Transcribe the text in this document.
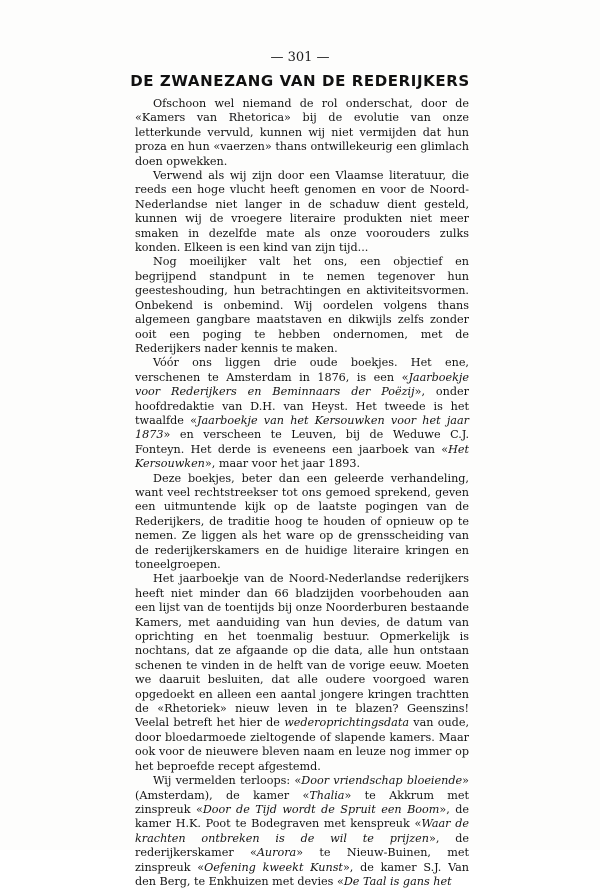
— 301 —
DE ZWANEZANG VAN DE REDERIJKERS

Ofschoon wel niemand de rol onderschat, door de «Kamers van Rhetorica» bij de evolutie van onze letterkunde vervuld, kunnen wij niet vermijden dat hun proza en hun «vaerzen» thans ontwillekeurig een glimlach doen opwekken.

Verwend als wij zijn door een Vlaamse literatuur, die reeds een hoge vlucht heeft genomen en voor de Noord-Nederlandse niet langer in de schaduw dient gesteld, kunnen wij de vroegere literaire produkten niet meer smaken in dezelfde mate als onze voorouders zulks konden. Elkeen is een kind van zijn tijd...

Nog moeilijker valt het ons, een objectief en begrijpend standpunt in te nemen tegenover hun geesteshouding, hun betrachtingen en aktiviteitsvormen. Onbekend is onbemind. Wij oordelen volgens thans algemeen gangbare maatstaven en dikwijls zelfs zonder ooit een poging te hebben ondernomen, met de Rederijkers nader kennis te maken.

Vóór ons liggen drie oude boekjes. Het ene, verschenen te Amsterdam in 1876, is een «Jaarboekje voor Rederijkers en Beminnaars der Poëzij», onder hoofdredaktie van D.H. van Heyst. Het tweede is het twaalfde «Jaarboekje van het Kersouwken voor het jaar 1873» en verscheen te Leuven, bij de Weduwe C.J. Fonteyn. Het derde is eveneens een jaarboek van «Het Kersouwken», maar voor het jaar 1893.

Deze boekjes, beter dan een geleerde verhandeling, want veel rechtstreekser tot ons gemoed sprekend, geven een uitmuntende kijk op de laatste pogingen van de Rederijkers, de traditie hoog te houden of opnieuw op te nemen. Ze liggen als het ware op de grensscheiding van de rederijkerskamers en de huidige literaire kringen en toneelgroepen.

Het jaarboekje van de Noord-Nederlandse rederijkers heeft niet minder dan 66 bladzijden voorbehouden aan een lijst van de toentijds bij onze Noorderburen bestaande Kamers, met aanduiding van hun devies, de datum van oprichting en het toenmalig bestuur. Opmerkelijk is nochtans, dat ze afgaande op die data, alle hun ontstaan schenen te vinden in de helft van de vorige eeuw. Moeten we daaruit besluiten, dat alle oudere voorgoed waren opgedoekt en alleen een aantal jongere kringen trachtten de «Rhetoriek» nieuw leven in te blazen? Geenszins! Veelal betreft het hier de wederoprichtingsdata van oude, door bloedarmoede zieltogende of slapende kamers. Maar ook voor de nieuwere bleven naam en leuze nog immer op het beproefde recept afgestemd.

Wij vermelden terloops: «Door vriendschap bloeiende» (Amsterdam), de kamer «Thalia» te Akkrum met zinspreuk «Door de Tijd wordt de Spruit een Boom», de kamer H.K. Poot te Bodegraven met kenspreuk «Waar de krachten ontbreken is de wil te prijzen», de rederijkerskamer «Aurora» te Nieuw-Buinen, met zinspreuk «Oefening kweekt Kunst», de kamer S.J. Van den Berg, te Enkhuizen met devies «De Taal is gans het
